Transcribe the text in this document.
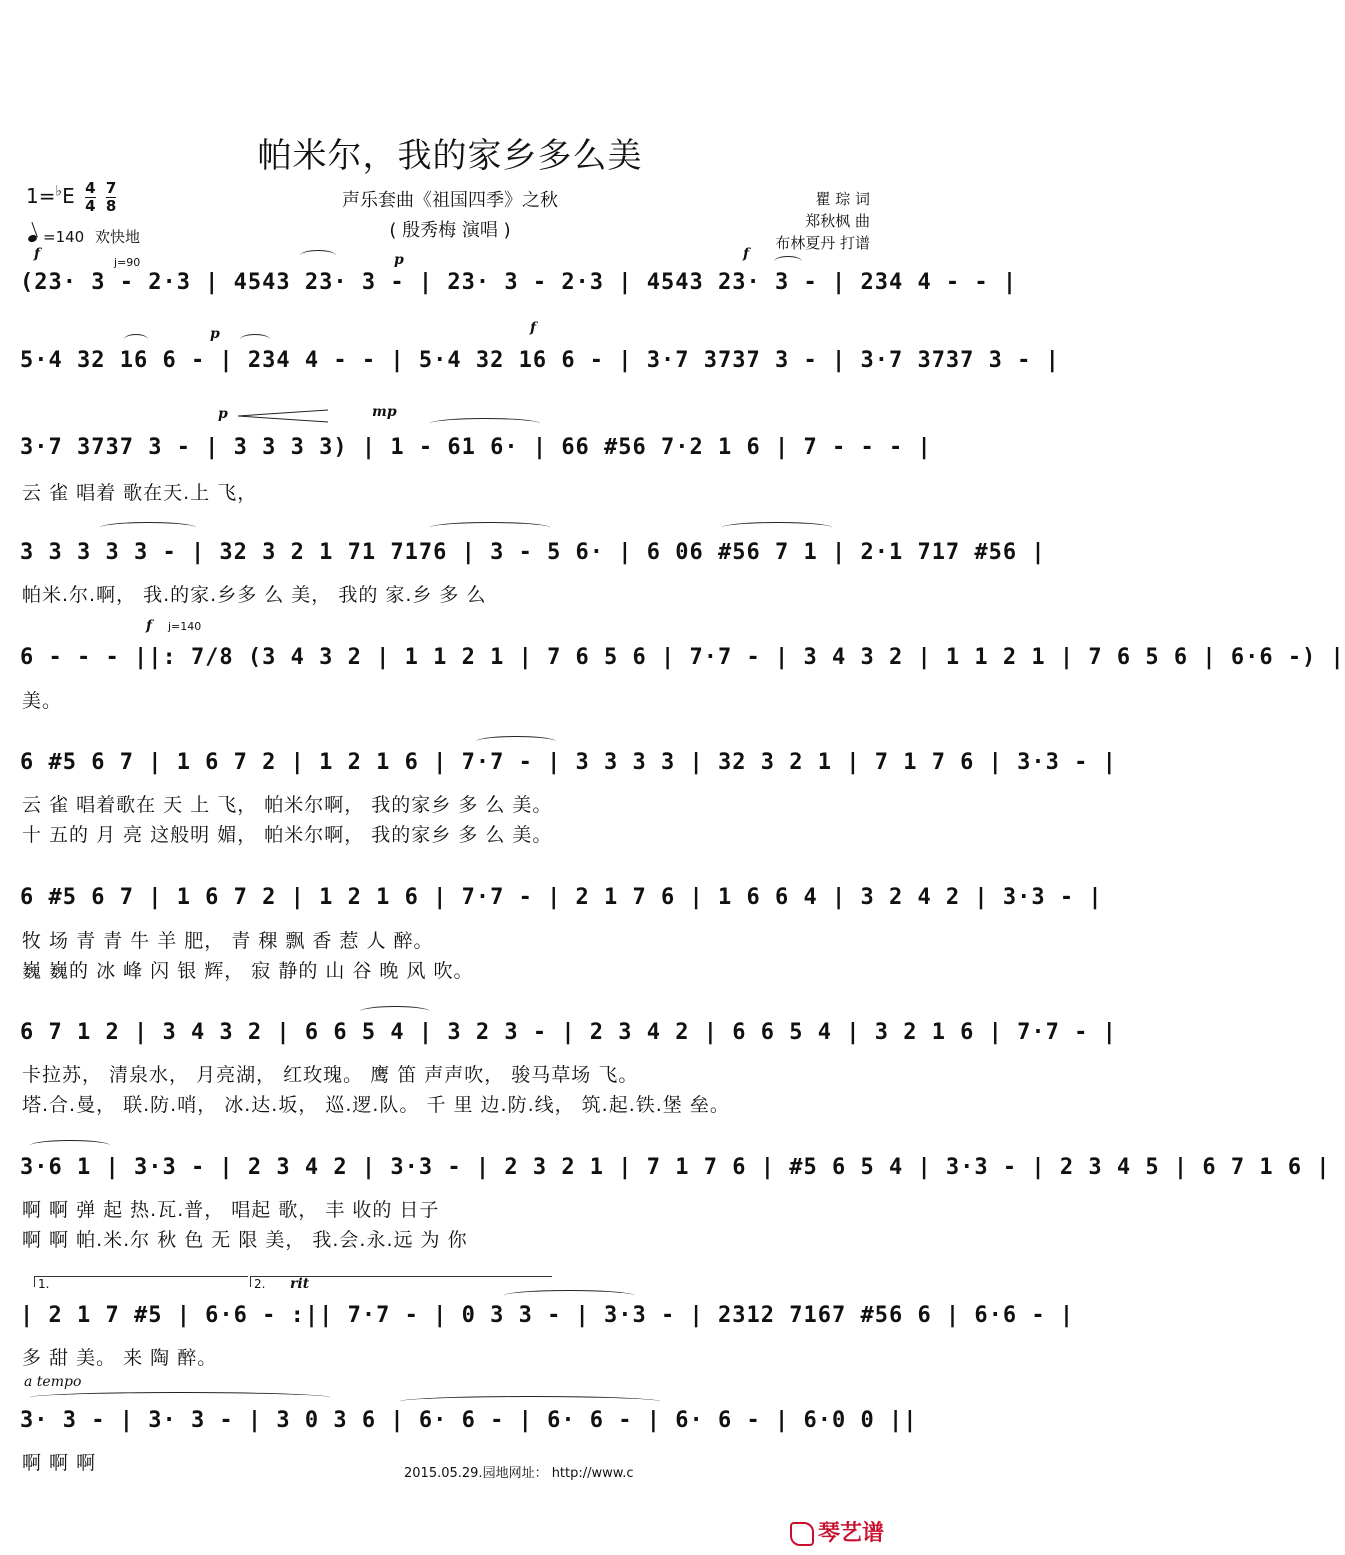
帕米尔，我的家乡多么美
声乐套曲《祖国四季》之秋
( 殷秀梅 演唱 )
瞿 琮 词
郑秋枫 曲
布林夏丹 打谱
$1=^♭E \frac{4}{4} \frac{7}{8}$
=140 欢快地
f
j=90	p	f
p	f
p	mp
f j=140
rit
a tempo
1.	2.
(23· 3 - 2·3 | 4543 23· 3 - | 23· 3 - 2·3 | 4543 23· 3 - | 234 4 - - |
5·4 32 16 6 - | 234 4 - - | 5·4 32 16 6 - | 3·7 3737 3 - | 3·7 3737 3 - |
3·7 3737 3 - | 3 3 3 3) | 1 - 61 6· | 66 #56 7·2 1 6 | 7 - - - |
云 雀 唱着 歌在天.上 飞，
3 3 3 3 3 - | 32 3 2 1 71 7176 | 3 - 5 6· | 6 06 #56 7 1 | 2·1 717 #56 |
帕米.尔.啊， 我.的家.乡多 么 美， 我的 家.乡 多 么
6 - - - ||: 7/8 (3 4 3 2 | 1 1 2 1 | 7 6 5 6 | 7·7 - | 3 4 3 2 | 1 1 2 1 | 7 6 5 6 | 6·6 -) |
美。
6 #5 6 7 | 1 6 7 2 | 1 2 1 6 | 7·7 - | 3 3 3 3 | 32 3 2 1 | 7 1 7 6 | 3·3 - |
云 雀 唱着歌在 天 上 飞， 帕米尔啊， 我的家乡 多 么 美。
十 五的 月 亮 这般明 媚， 帕米尔啊， 我的家乡 多 么 美。
6 #5 6 7 | 1 6 7 2 | 1 2 1 6 | 7·7 - | 2 1 7 6 | 1 6 6 4 | 3 2 4 2 | 3·3 - |
牧 场 青 青 牛 羊 肥， 青 稞 飘 香 惹 人 醉。
巍 巍的 冰 峰 闪 银 辉， 寂 静的 山 谷 晚 风 吹。
6 7 1 2 | 3 4 3 2 | 6 6 5 4 | 3 2 3 - | 2 3 4 2 | 6 6 5 4 | 3 2 1 6 | 7·7 - |
卡拉苏， 清泉水， 月亮湖， 红玫瑰。 鹰 笛 声声吹， 骏马草场 飞。
塔.合.曼， 联.防.哨， 冰.达.坂， 巡.逻.队。 千 里 边.防.线， 筑.起.铁.堡 垒。
3·6 1 | 3·3 - | 2 3 4 2 | 3·3 - | 2 3 2 1 | 7 1 7 6 | #5 6 5 4 | 3·3 - | 2 3 4 5 | 6 7 1 6 |
啊 啊 弹 起 热.瓦.普， 唱起 歌， 丰 收的 日子
啊 啊 帕.米.尔 秋 色 无 限 美， 我.会.永.远 为 你
| 2 1 7 #5 | 6·6 - :|| 7·7 - | 0 3 3 - | 3·3 - | 2312 7167 #56 6 | 6·6 - |
多 甜 美。 来 陶 醉。
3· 3 - | 3· 3 - | 3 0 3 6 | 6· 6 - | 6· 6 - | 6· 6 - | 6·0 0 ||
啊 啊 啊	2015.05.29.园地网址： http://www.c
琴艺谱
